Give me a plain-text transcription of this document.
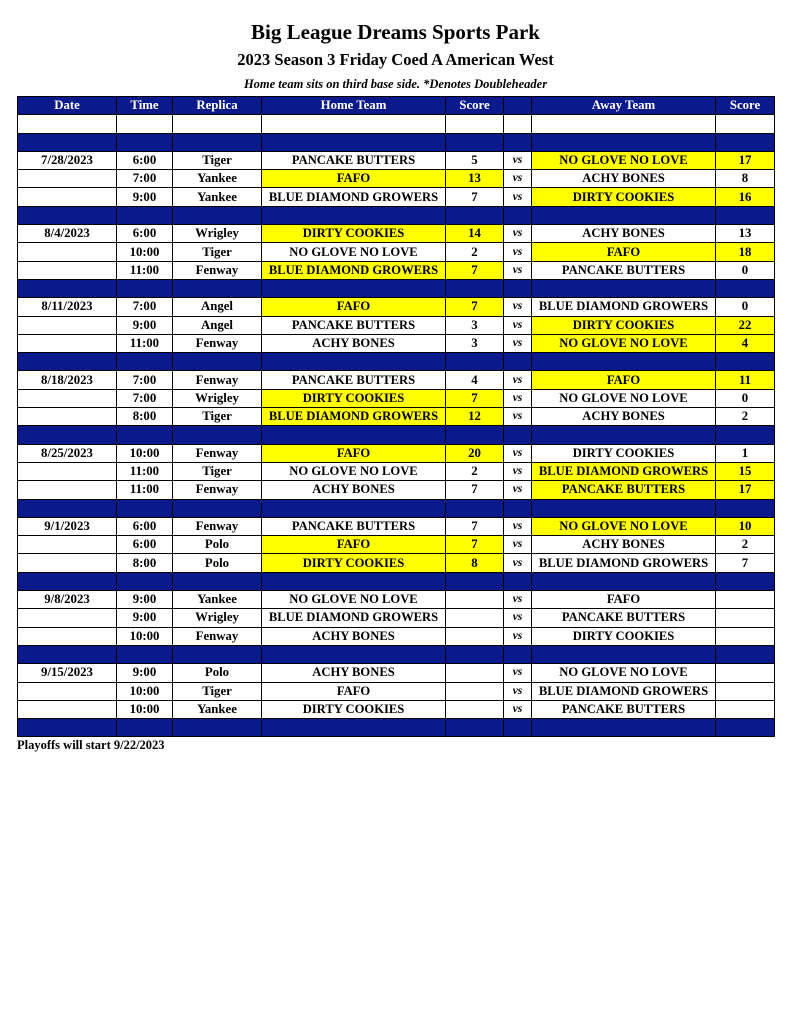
Big League Dreams Sports Park
2023 Season 3 Friday Coed A American West
Home team sits on third base side. *Denotes Doubleheader
Date	Time	Replica	Home Team	Score		Away Team	Score

7/28/2023	6:00	Tiger	PANCAKE BUTTERS	5	vs	NO GLOVE NO LOVE	17
	7:00	Yankee	FAFO	13	vs	ACHY BONES	8
	9:00	Yankee	BLUE DIAMOND GROWERS	7	vs	DIRTY COOKIES	16

8/4/2023	6:00	Wrigley	DIRTY COOKIES	14	vs	ACHY BONES	13
	10:00	Tiger	NO GLOVE NO LOVE	2	vs	FAFO	18
	11:00	Fenway	BLUE DIAMOND GROWERS	7	vs	PANCAKE BUTTERS	0

8/11/2023	7:00	Angel	FAFO	7	vs	BLUE DIAMOND GROWERS	0
	9:00	Angel	PANCAKE BUTTERS	3	vs	DIRTY COOKIES	22
	11:00	Fenway	ACHY BONES	3	vs	NO GLOVE NO LOVE	4

8/18/2023	7:00	Fenway	PANCAKE BUTTERS	4	vs	FAFO	11
	7:00	Wrigley	DIRTY COOKIES	7	vs	NO GLOVE NO LOVE	0
	8:00	Tiger	BLUE DIAMOND GROWERS	12	vs	ACHY BONES	2

8/25/2023	10:00	Fenway	FAFO	20	vs	DIRTY COOKIES	1
	11:00	Tiger	NO GLOVE NO LOVE	2	vs	BLUE DIAMOND GROWERS	15
	11:00	Fenway	ACHY BONES	7	vs	PANCAKE BUTTERS	17

9/1/2023	6:00	Fenway	PANCAKE BUTTERS	7	vs	NO GLOVE NO LOVE	10
	6:00	Polo	FAFO	7	vs	ACHY BONES	2
	8:00	Polo	DIRTY COOKIES	8	vs	BLUE DIAMOND GROWERS	7

9/8/2023	9:00	Yankee	NO GLOVE NO LOVE		vs	FAFO	
	9:00	Wrigley	BLUE DIAMOND GROWERS		vs	PANCAKE BUTTERS	
	10:00	Fenway	ACHY BONES		vs	DIRTY COOKIES	

9/15/2023	9:00	Polo	ACHY BONES		vs	NO GLOVE NO LOVE	
	10:00	Tiger	FAFO		vs	BLUE DIAMOND GROWERS	
	10:00	Yankee	DIRTY COOKIES		vs	PANCAKE BUTTERS	

Playoffs will start 9/22/2023
